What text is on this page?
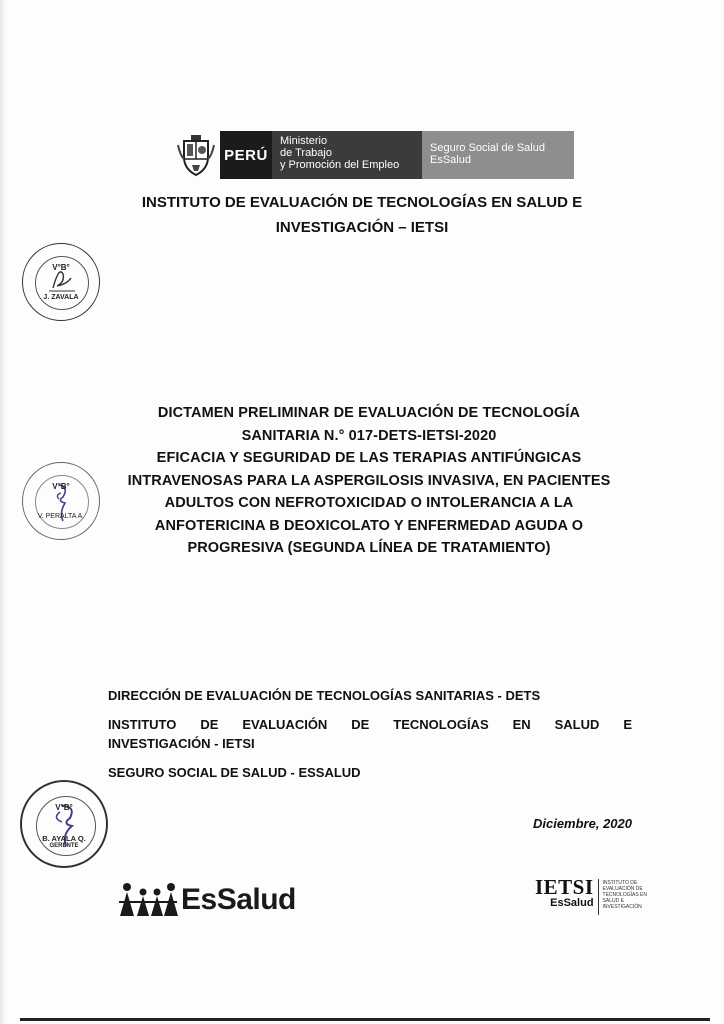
PERÚ
Ministerio
de Trabajo
y Promoción del Empleo
Seguro Social de Salud
EsSalud
INSTITUTO DE EVALUACIÓN DE TECNOLOGÍAS EN SALUD E
INVESTIGACIÓN – IETSI
V°B°
J. ZAVALA
V°B°
V. PERALTA A.
V°B°
B. AYALA Q.
GERENTE
DICTAMEN PRELIMINAR DE EVALUACIÓN DE TECNOLOGÍA
SANITARIA N.° 017-DETS-IETSI-2020
EFICACIA Y SEGURIDAD DE LAS TERAPIAS ANTIFÚNGICAS
INTRAVENOSAS PARA LA ASPERGILOSIS INVASIVA, EN PACIENTES
ADULTOS CON NEFROTOXICIDAD O INTOLERANCIA A LA
ANFOTERICINA B DEOXICOLATO Y ENFERMEDAD AGUDA O
PROGRESIVA (SEGUNDA LÍNEA DE TRATAMIENTO)
DIRECCIÓN DE EVALUACIÓN DE TECNOLOGÍAS SANITARIAS - DETS
INSTITUTO DE EVALUACIÓN DE TECNOLOGÍAS EN SALUD E
INVESTIGACIÓN - IETSI
SEGURO SOCIAL DE SALUD - ESSALUD
Diciembre, 2020
EsSalud	IETSI
EsSalud
INSTITUTO DE
EVALUACIÓN DE
TECNOLOGÍAS EN
SALUD E
INVESTIGACIÓN
